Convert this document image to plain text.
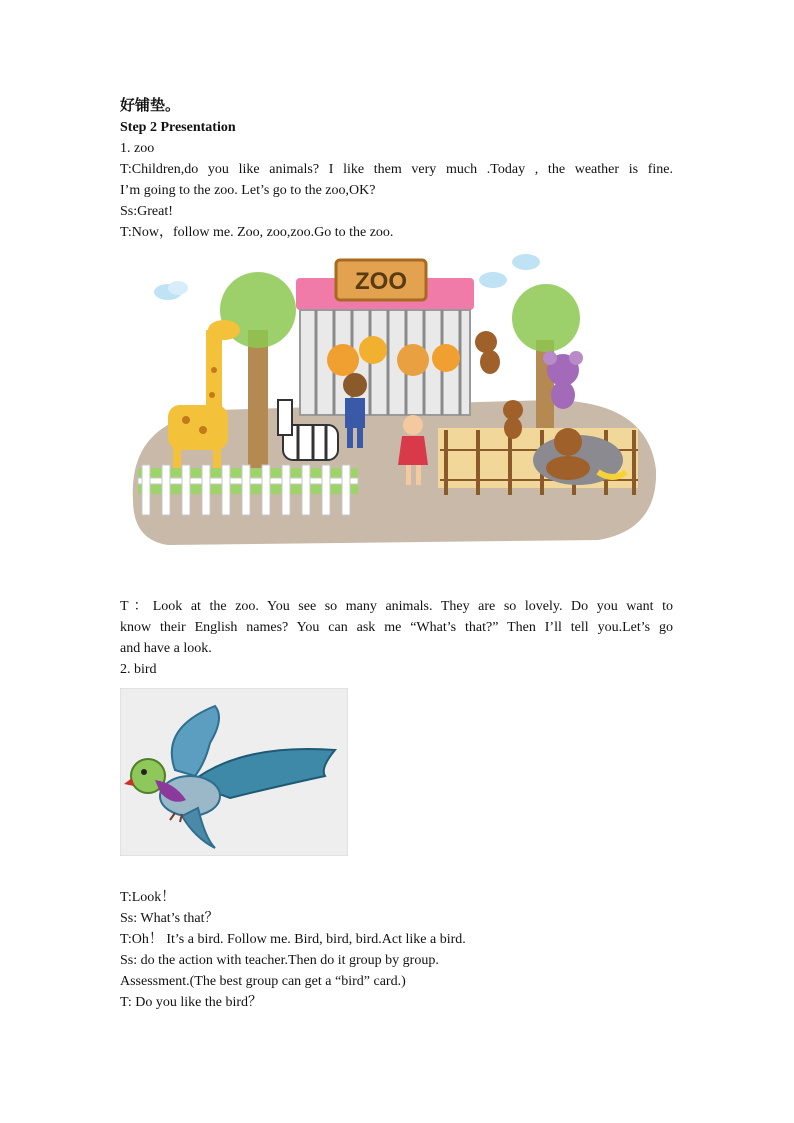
好铺垫。
Step 2 Presentation
1. zoo
T:Children,do you like animals? I like them very much .Today , the weather is fine.
I’m going to the zoo. Let’s go to the zoo,OK?
Ss:Great!
T:Now，follow me. Zoo, zoo,zoo.Go to the zoo.
ZOO
T：Look at the zoo. You see so many animals. They are so lovely. Do you want to
know their English names? You can ask me “What’s that?” Then I’ll tell you.Let’s go
and have a look.
2. bird
T:Look！
Ss: What’s that？
T:Oh！ It’s a bird. Follow me. Bird, bird, bird.Act like a bird.
Ss: do the action with teacher.Then do it group by group.
Assessment.(The best group can get a “bird” card.)
T: Do you like the bird？
